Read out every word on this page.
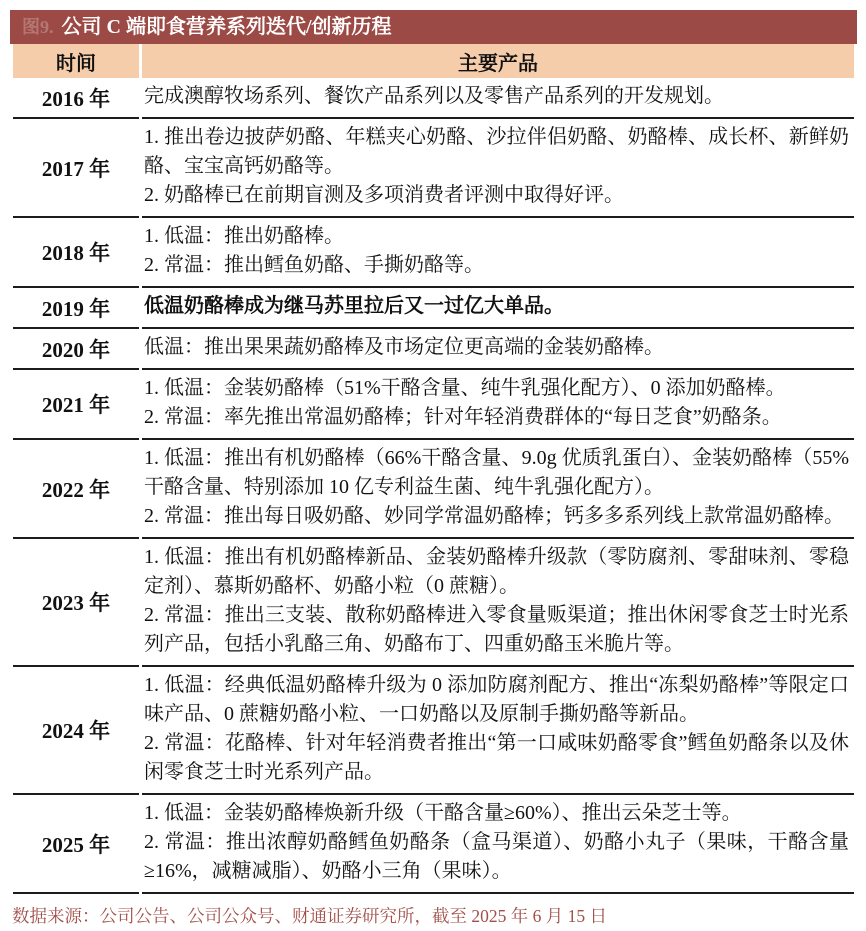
图9. 公司 C 端即食营养系列迭代/创新历程
时间	主要产品
2016 年	完成澳醇牧场系列、餐饮产品系列以及零售产品系列的开发规划。

2017 年	1. 推出卷边披萨奶酪、年糕夹心奶酪、沙拉伴侣奶酪、奶酪棒、成长杯、新鲜奶酪、宝宝高钙奶酪等。
2. 奶酪棒已在前期盲测及多项消费者评测中取得好评。

2018 年	1. 低温：推出奶酪棒。
2. 常温：推出鳕鱼奶酪、手撕奶酪等。

2019 年	低温奶酪棒成为继马苏里拉后又一过亿大单品。

2020 年	低温：推出果果蔬奶酪棒及市场定位更高端的金装奶酪棒。

2021 年	1. 低温：金装奶酪棒（51%干酪含量、纯牛乳强化配方）、0 添加奶酪棒。
2. 常温：率先推出常温奶酪棒；针对年轻消费群体的“每日芝食”奶酪条。

2022 年	1. 低温：推出有机奶酪棒（66%干酪含量、9.0g 优质乳蛋白）、金装奶酪棒（55%干酪含量、特别添加 10 亿专利益生菌、纯牛乳强化配方）。
2. 常温：推出每日吸奶酪、妙同学常温奶酪棒；钙多多系列线上款常温奶酪棒。

2023 年	1. 低温：推出有机奶酪棒新品、金装奶酪棒升级款（零防腐剂、零甜味剂、零稳定剂）、慕斯奶酪杯、奶酪小粒（0 蔗糖）。
2. 常温：推出三支装、散称奶酪棒进入零食量贩渠道；推出休闲零食芝士时光系列产品，包括小乳酪三角、奶酪布丁、四重奶酪玉米脆片等。

2024 年	1. 低温：经典低温奶酪棒升级为 0 添加防腐剂配方、推出“冻梨奶酪棒”等限定口味产品、0 蔗糖奶酪小粒、一口奶酪以及原制手撕奶酪等新品。
2. 常温：花酪棒、针对年轻消费者推出“第一口咸味奶酪零食”鳕鱼奶酪条以及休闲零食芝士时光系列产品。

2025 年	1. 低温：金装奶酪棒焕新升级（干酪含量≥60%）、推出云朵芝士等。
2. 常温：推出浓醇奶酪鳕鱼奶酪条（盒马渠道）、奶酪小丸子（果味，干酪含量≥16%，减糖减脂）、奶酪小三角（果味）。
数据来源：公司公告、公司公众号、财通证券研究所，截至 2025 年 6 月 15 日
